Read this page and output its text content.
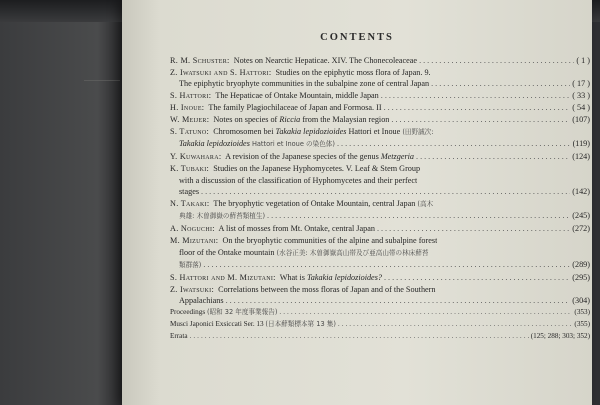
CONTENTS
R. M. Schuster: Notes on Nearctic Hepaticae. XIV. The Chonecoleaceae .....	( 1 )
Z. Iwatsuki and S. Hattori: Studies on the epiphytic moss flora of Japan. 9.
The epiphytic bryophyte communities in the subalpine zone of central Japan .....	( 17 )
S. Hattori: The Hepaticae of Ontake Mountain, middle Japan .....	( 33 )
H. Inoue: The family Plagiochilaceae of Japan and Formosa. II .....	( 54 )
W. Meijer: Notes on species of Riccia from the Malaysian region .....	(107)
S. Tatuno: Chromosomen bei Takakia lepidozioides Hattori et Inoue (田野誠次:
Takakia lepidozioides Hattori et Inoue の染色体) .....	(119)
Y. Kuwahara: A revision of the Japanese species of the genus Metzgeria .....	(124)
K. Tubaki: Studies on the Japanese Hyphomycetes. V. Leaf & Stem Group
with a discussion of the classification of Hyphomycetes and their perfect
stages .....	(142)
N. Takaki: The bryophytic vegetation of Ontake Mountain, central Japan (高木
典雄: 木曽御嶽の蘚苔類植生) .....	(245)
A. Noguchi: A list of mosses from Mt. Ontake, central Japan .....	(272)
M. Mizutani: On the bryophytic communities of the alpine and subalpine forest
floor of the Ontake mountain (水谷正美: 木曽御嶽高山帯及び亜高山帯の林床蘚苔
類群落) .....	(289)
S. Hattori and M. Mizutani: What is Takakia lepidozioides? .....	(295)
Z. Iwatsuki: Correlations between the moss floras of Japan and of the Southern
Appalachians .....	(304)
Proceedings (昭和 32 年度事業報告) .....	(353)
Musci Japonici Exsiccati Ser. 13 (日本蘚類標本第 13 集) .....	(355)
Errata .....	(125; 288; 303; 352)
